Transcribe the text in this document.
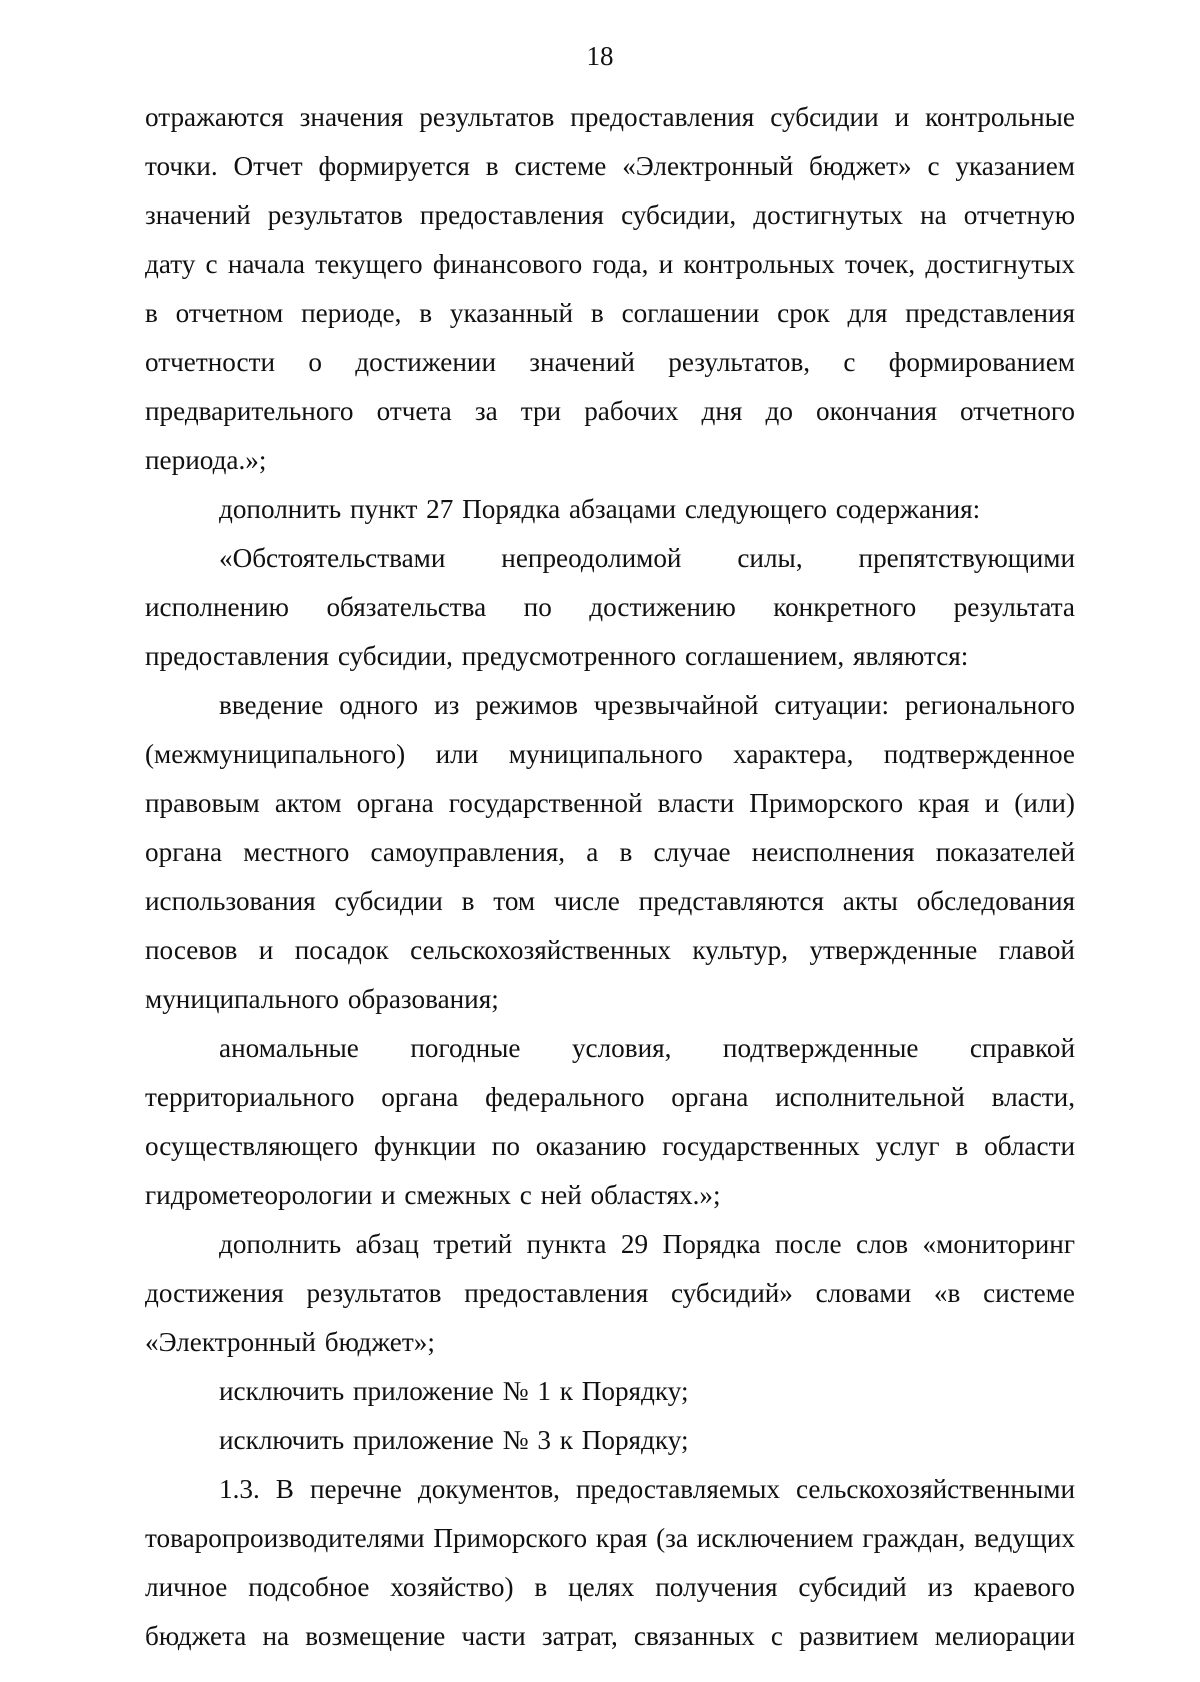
18

отражаются значения результатов предоставления субсидии и контрольные точки. Отчет формируется в системе «Электронный бюджет» с указанием значений результатов предоставления субсидии, достигнутых на отчетную дату с начала текущего финансового года, и контрольных точек, достигнутых в отчетном периоде, в указанный в соглашении срок для представления отчетности о достижении значений результатов, с формированием предварительного отчета за три рабочих дня до окончания отчетного периода.»;

дополнить пункт 27 Порядка абзацами следующего содержания:

«Обстоятельствами непреодолимой силы, препятствующими исполнению обязательства по достижению конкретного результата предоставления субсидии, предусмотренного соглашением, являются:

введение одного из режимов чрезвычайной ситуации: регионального (межмуниципального) или муниципального характера, подтвержденное правовым актом органа государственной власти Приморского края и (или) органа местного самоуправления, а в случае неисполнения показателей использования субсидии в том числе представляются акты обследования посевов и посадок сельскохозяйственных культур, утвержденные главой муниципального образования;

аномальные погодные условия, подтвержденные справкой территориального органа федерального органа исполнительной власти, осуществляющего функции по оказанию государственных услуг в области гидрометеорологии и смежных с ней областях.»;

дополнить абзац третий пункта 29 Порядка после слов «мониторинг достижения результатов предоставления субсидий» словами «в системе «Электронный бюджет»;

исключить приложение № 1 к Порядку;

исключить приложение № 3 к Порядку;

1.3. В перечне документов, предоставляемых сельскохозяйственными товаропроизводителями Приморского края (за исключением граждан, ведущих личное подсобное хозяйство) в целях получения субсидий из краевого бюджета на возмещение части затрат, связанных с развитием мелиорации
